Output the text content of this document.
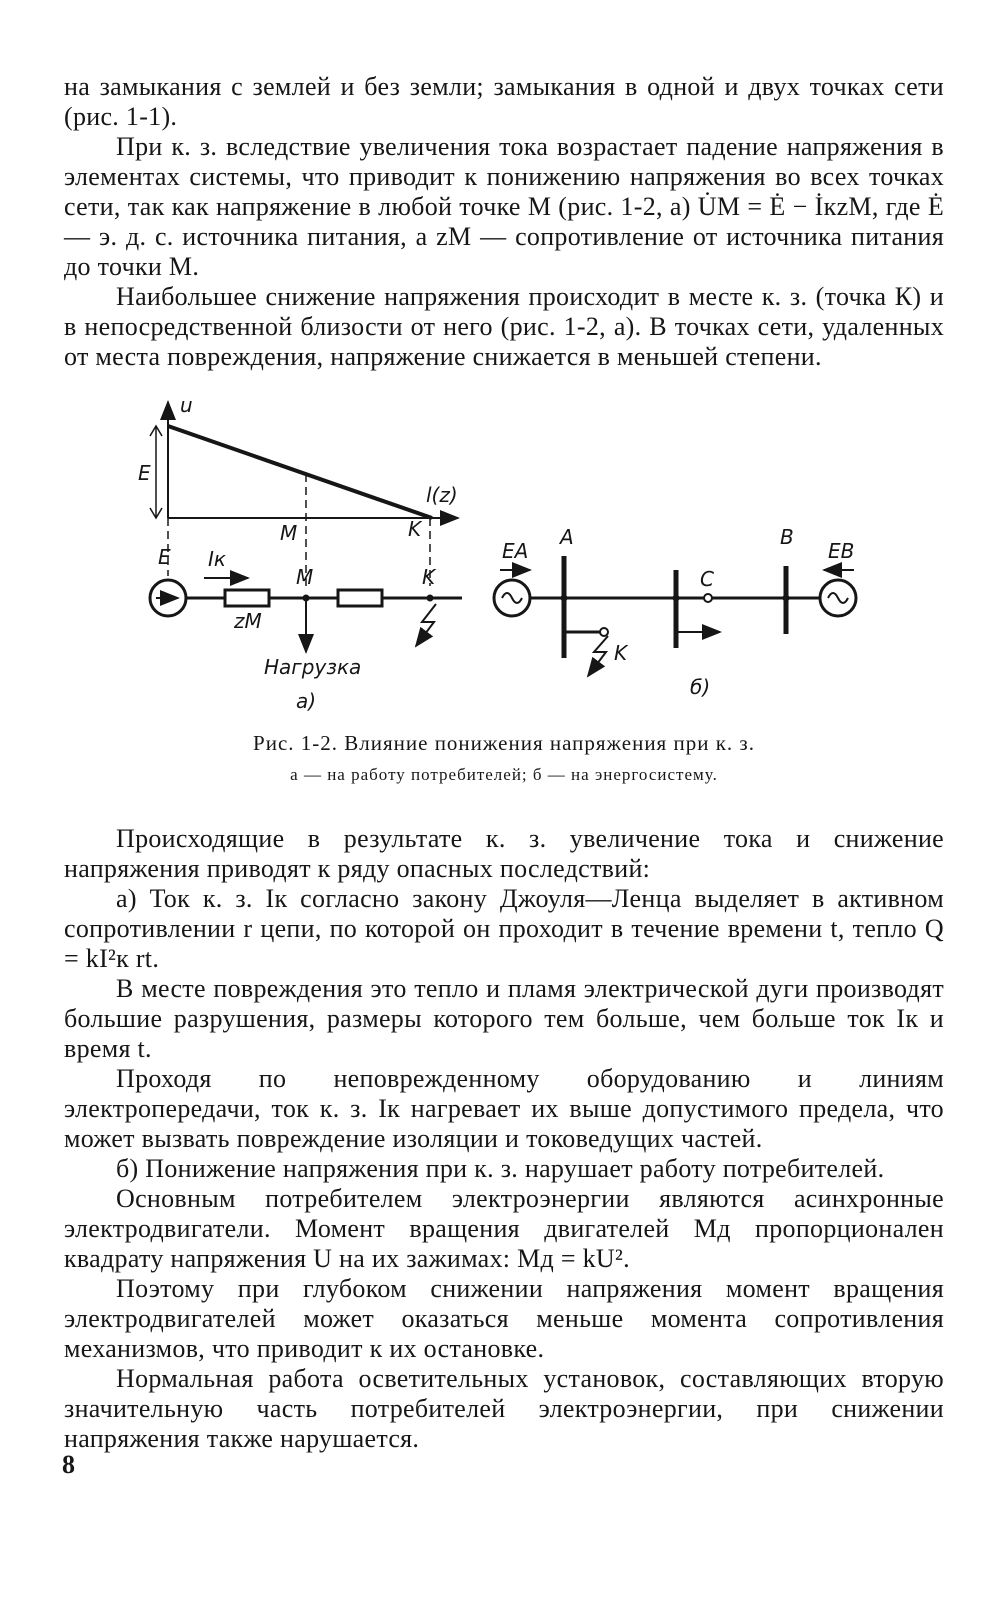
на замыкания с землей и без земли; замыкания в одной и двух точках сети (рис. 1-1).

При к. з. вследствие увеличения тока возрастает падение напряжения в элементах системы, что приводит к понижению напряжения во всех точках сети, так как напряжение в любой точке M (рис. 1-2, а) U̇M = Ė − İкzM, где Ė — э. д. с. источника питания, а zM — сопротивление от источника питания до точки M.

Наибольшее снижение напряжения происходит в месте к. з. (точка К) и в непосредственной близости от него (рис. 1-2, а). В точках сети, удаленных от места повреждения, напряжение снижается в меньшей степени.

u
l(z)
E
M	K
E Iк
M	K
zM
Нагрузка
а)
EA
A	B
EB
C
K
б)
Рис. 1-2. Влияние понижения напряжения при к. з.
а — на работу потребителей; б — на энергосистему.

Происходящие в результате к. з. увеличение тока и снижение напряжения приводят к ряду опасных последствий:

а) Ток к. з. Iк согласно закону Джоуля—Ленца выделяет в активном сопротивлении r цепи, по которой он проходит в течение времени t, тепло Q = kI²к rt.

В месте повреждения это тепло и пламя электрической дуги производят большие разрушения, размеры которого тем больше, чем больше ток Iк и время t.

Проходя по неповрежденному оборудованию и линиям электропередачи, ток к. з. Iк нагревает их выше допустимого предела, что может вызвать повреждение изоляции и токоведущих частей.

б) Понижение напряжения при к. з. нарушает работу потребителей.

Основным потребителем электроэнергии являются асинхронные электродвигатели. Момент вращения двигателей Mд пропорционален квадрату напряжения U на их зажимах: Mд = kU².

Поэтому при глубоком снижении напряжения момент вращения электродвигателей может оказаться меньше момента сопротивления механизмов, что приводит к их остановке.

Нормальная работа осветительных установок, составляющих вторую значительную часть потребителей электроэнергии, при снижении напряжения также нарушается.

8
